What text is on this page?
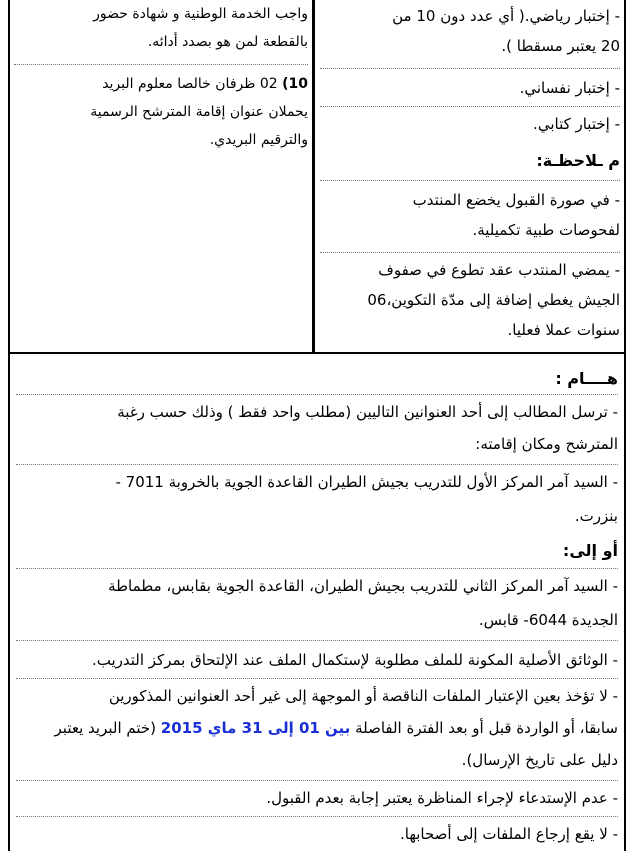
واجب الخدمة الوطنية و شهادة حضور
بالقطعة لمن هو بصدد أدائه.
10) 02 ظرفان خالصا معلوم البريد
يحملان عنوان إقامة المترشح الرسمية
والترقيم البريدي.
- إختبار رياضي.( أي عدد دون 10 من
20 يعتبر مسقطا ).
- إختبار نفساني.
- إختبار كتابي.
م ـلاحظـة:
- في صورة القبول يخضع المنتدب
لفحوصات طبية تكميلية.
- يمضي المنتدب عقد تطوع في صفوف
الجيش يغطي إضافة إلى مدّة التكوين،06
سنوات عملا فعليا.
هــــام :
- ترسل المطالب إلى أحد العنوانين التاليين (مطلب واحد فقط ) وذلك حسب رغبة
المترشح ومكان إقامته:
- السيد آمر المركز الأول للتدريب بجيش الطيران القاعدة الجوية بالخروبة 7011 -
بنزرت.
أو إلى:
- السيد آمر المركز الثاني للتدريب بجيش الطيران، القاعدة الجوية بقابس، مطماطة
الجديدة 6044- قابس.
- الوثائق الأصلية المكونة للملف مطلوبة لإستكمال الملف عند الإلتحاق بمركز التدريب.
- لا تؤخذ بعين الإعتبار الملفات الناقصة أو الموجهة إلى غير أحد العنوانين المذكورين
سابقا، أو الواردة قبل أو بعد الفترة الفاصلة بين 01 إلى 31 ماي 2015 (ختم البريد يعتبر
دليل على تاريخ الإرسال).
- عدم الإستدعاء لإجراء المناظرة يعتبر إجابة بعدم القبول.
- لا يقع إرجاع الملفات إلى أصحابها.
